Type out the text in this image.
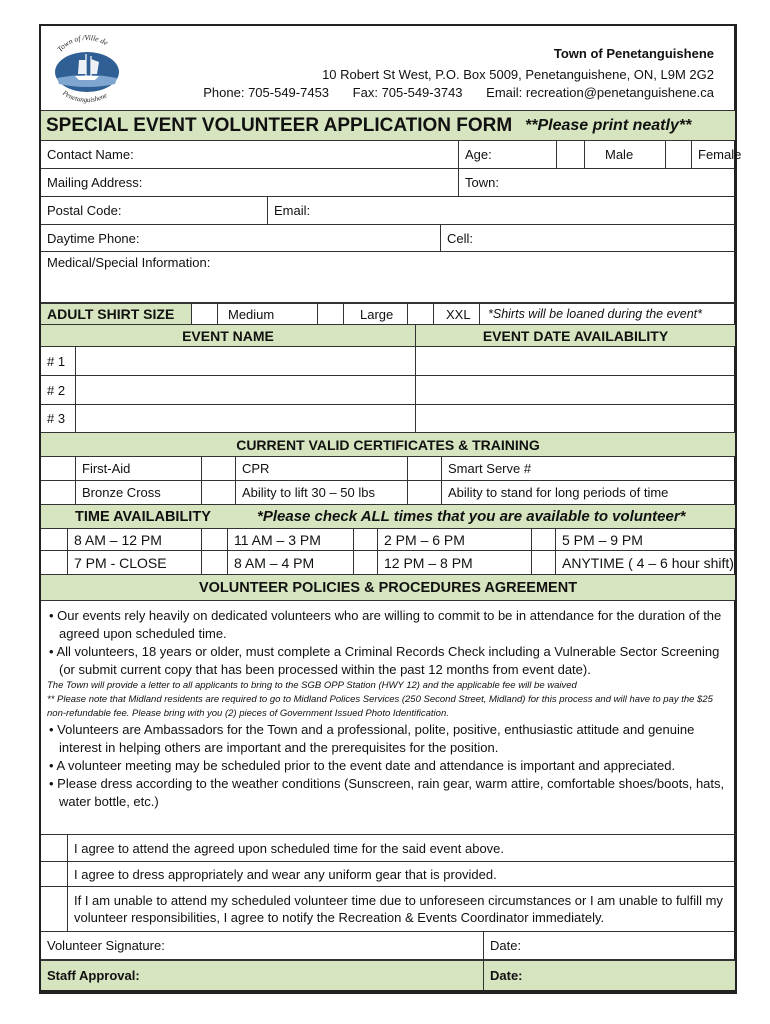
Town of /Ville de
Penetanguishene
Town of Penetanguishene
10 Robert St West, P.O. Box 5009, Penetanguishene, ON, L9M 2G2
Phone: 705-549-7453 Fax: 705-549-3743 Email: recreation@penetanguishene.ca
SPECIAL EVENT VOLUNTEER APPLICATION FORM **Please print neatly**
Contact Name:	Age:	Male	Female
Mailing Address:	Town:
Postal Code:	Email:
Daytime Phone:	Cell:
Medical/Special Information:
ADULT SHIRT SIZE	Medium	Large	XXL	*Shirts will be loaned during the event*
EVENT NAME	EVENT DATE AVAILABILITY
# 1
# 2
# 3
CURRENT VALID CERTIFICATES & TRAINING
First-Aid	CPR	Smart Serve #
Bronze Cross	Ability to lift 30 – 50 lbs	Ability to stand for long periods of time
TIME AVAILABILITY	*Please check ALL times that you are available to volunteer*
8 AM – 12 PM	11 AM – 3 PM	2 PM – 6 PM	5 PM – 9 PM
7 PM - CLOSE	8 AM – 4 PM	12 PM – 8 PM	ANYTIME ( 4 – 6 hour shift)
VOLUNTEER POLICIES & PROCEDURES AGREEMENT

• Our events rely heavily on dedicated volunteers who are willing to commit to be in attendance for the duration of the agreed upon scheduled time.

• All volunteers, 18 years or older, must complete a Criminal Records Check including a Vulnerable Sector Screening (or submit current copy that has been processed within the past 12 months from event date).

The Town will provide a letter to all applicants to bring to the SGB OPP Station (HWY 12) and the applicable fee will be waived

** Please note that Midland residents are required to go to Midland Polices Services (250 Second Street, Midland) for this process and will have to pay the $25 non-refundable fee. Please bring with you (2) pieces of Government Issued Photo Identification.

• Volunteers are Ambassadors for the Town and a professional, polite, positive, enthusiastic attitude and genuine interest in helping others are important and the prerequisites for the position.

• A volunteer meeting may be scheduled prior to the event date and attendance is important and appreciated.

• Please dress according to the weather conditions (Sunscreen, rain gear, warm attire, comfortable shoes/boots, hats, water bottle, etc.)

I agree to attend the agreed upon scheduled time for the said event above.
I agree to dress appropriately and wear any uniform gear that is provided.
If I am unable to attend my scheduled volunteer time due to unforeseen circumstances or I am unable to fulfill my volunteer responsibilities, I agree to notify the Recreation & Events Coordinator immediately.
Volunteer Signature:	Date:
Staff Approval:	Date:
